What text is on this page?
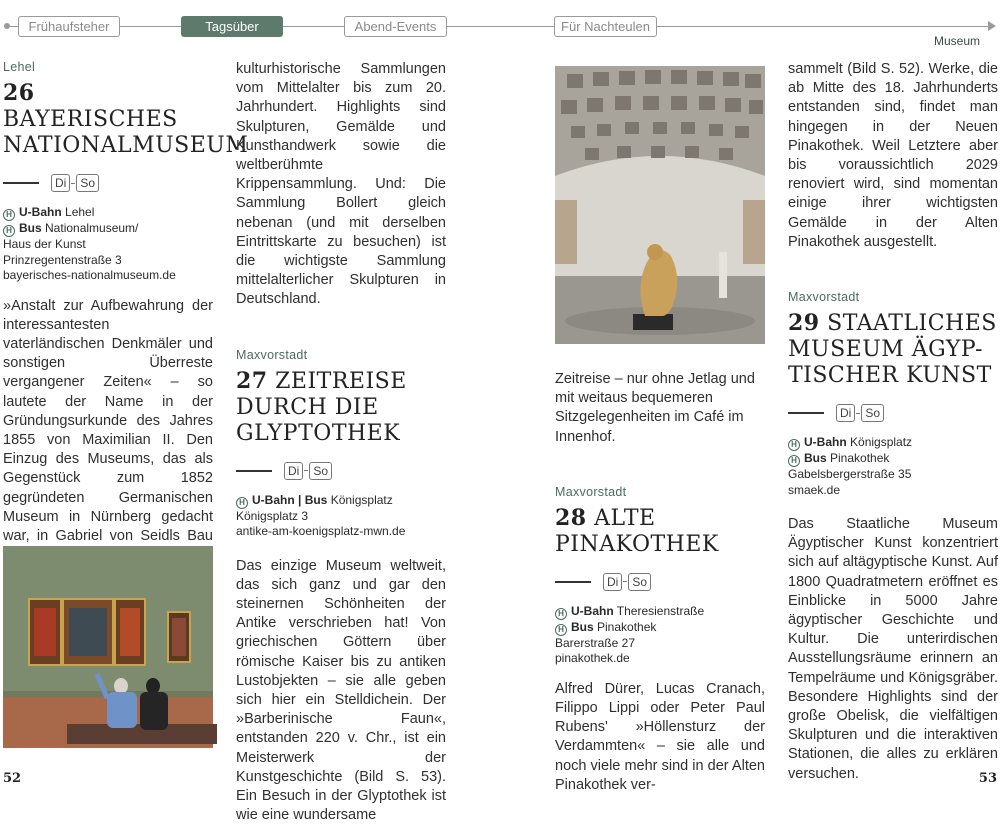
Frühaufsteher	Tagsüber	Abend-Events	Für Nachteulen
Museum
Lehel
26 BAYERISCHES
NATIONALMUSEUM
Di	So
H U-Bahn Lehel
H Bus Nationalmuseum/
Haus der Kunst
Prinzregentenstraße 3
bayerisches-nationalmuseum.de
»Anstalt zur Aufbewahrung der interessantesten vaterländischen Denkmäler und sonstigen Überreste vergangener Zeiten« – so lautete der Name in der Gründungsurkunde des Jahres 1855 von Maximilian II. Den Einzug des Museums, das als Gegenstück zum 1852 gegründeten Germanischen Museum in Nürnberg gedacht war, in Gabriel von Seidls Bau
kulturhistorische Sammlungen vom Mittelalter bis zum 20. Jahrhundert. Highlights sind Skulpturen, Gemälde und Kunsthandwerk sowie die weltberühmte Krippensammlung. Und: Die Sammlung Bollert gleich nebenan (und mit derselben Eintrittskarte zu besuchen) ist die wichtigste Sammlung mittelalterlicher Skulpturen in Deutschland.
Maxvorstadt
27 ZEITREISE
DURCH DIE
GLYPTOTHEK
Di	So
H U-Bahn | Bus Königsplatz
Königsplatz 3
antike-am-koenigsplatz-mwn.de
Das einzige Museum weltweit, das sich ganz und gar den steinernen Schönheiten der Antike verschrieben hat! Von griechischen Göttern über römische Kaiser bis zu antiken Lustobjekten – sie alle geben sich hier ein Stelldichein. Der »Barberinische Faun«, entstanden 220 v. Chr., ist ein Meisterwerk der Kunstgeschichte (Bild S. 53). Ein Besuch in der Glyptothek ist wie eine wundersame
Zeitreise – nur ohne Jetlag und mit weitaus bequemeren Sitzgelegenheiten im Café im Innenhof.
Maxvorstadt
28 ALTE
PINAKOTHEK
Di	So
H U-Bahn Theresienstraße
H Bus Pinakothek
Barerstraße 27
pinakothek.de
Alfred Dürer, Lucas Cranach, Filippo Lippi oder Peter Paul Rubens' »Höllensturz der Verdammten« – sie alle und noch viele mehr sind in der Alten Pinakothek ver-
sammelt (Bild S. 52). Werke, die ab Mitte des 18. Jahrhunderts entstanden sind, findet man hingegen in der Neuen Pinakothek. Weil Letztere aber bis voraussichtlich 2029 renoviert wird, sind momentan einige ihrer wichtigsten Gemälde in der Alten Pinakothek ausgestellt.
Maxvorstadt
29 STAATLICHES
MUSEUM ÄGYP-
TISCHER KUNST
Di	So
H U-Bahn Königsplatz
H Bus Pinakothek
Gabelsbergerstraße 35
smaek.de
Das Staatliche Museum Ägyptischer Kunst konzentriert sich auf altägyptische Kunst. Auf 1800 Quadratmetern eröffnet es Einblicke in 5000 Jahre ägyptischer Geschichte und Kultur. Die unterirdischen Ausstellungsräume erinnern an Tempelräume und Königsgräber. Besondere Highlights sind der große Obelisk, die vielfältigen Skulpturen und die interaktiven Stationen, die alles zu erklären versuchen.
52	53
